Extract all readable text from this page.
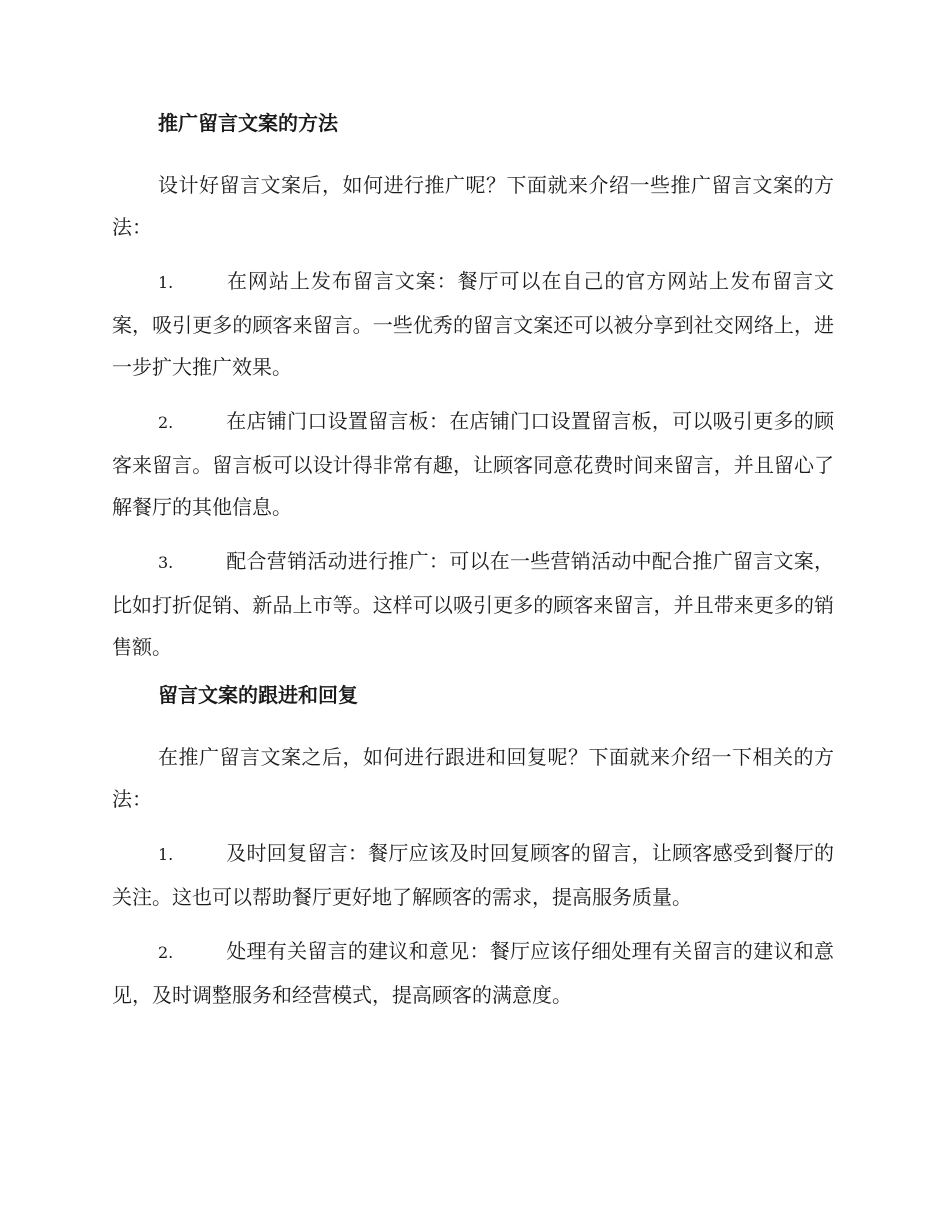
推广留言文案的方法

设计好留言文案后，如何进行推广呢？下面就来介绍一些推广留言文案的方法：

1.	在网站上发布留言文案：餐厅可以在自己的官方网站上发布留言文案，吸引更多的顾客来留言。一些优秀的留言文案还可以被分享到社交网络上，进一步扩大推广效果。

2.	在店铺门口设置留言板：在店铺门口设置留言板，可以吸引更多的顾客来留言。留言板可以设计得非常有趣，让顾客同意花费时间来留言，并且留心了解餐厅的其他信息。

3.	配合营销活动进行推广：可以在一些营销活动中配合推广留言文案，比如打折促销、新品上市等。这样可以吸引更多的顾客来留言，并且带来更多的销售额。

留言文案的跟进和回复

在推广留言文案之后，如何进行跟进和回复呢？下面就来介绍一下相关的方法：

1.	及时回复留言：餐厅应该及时回复顾客的留言，让顾客感受到餐厅的关注。这也可以帮助餐厅更好地了解顾客的需求，提高服务质量。

2.	处理有关留言的建议和意见：餐厅应该仔细处理有关留言的建议和意见，及时调整服务和经营模式，提高顾客的满意度。
